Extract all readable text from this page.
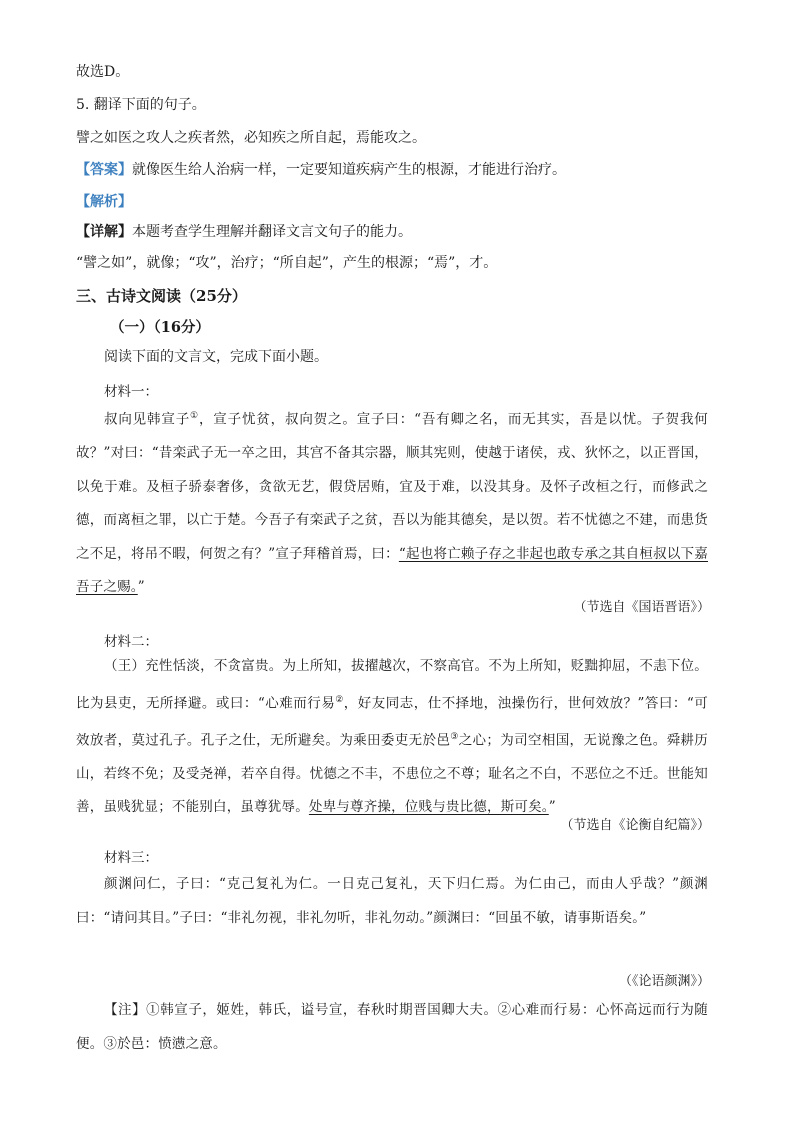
故选D。
5. 翻译下面的句子。
譬之如医之攻人之疾者然，必知疾之所自起，焉能攻之。
【答案】就像医生给人治病一样，一定要知道疾病产生的根源，才能进行治疗。
【解析】
【详解】本题考查学生理解并翻译文言文句子的能力。
“譬之如”，就像；“攻”，治疗；“所自起”，产生的根源；“焉”，才。
三、古诗文阅读（25分）
（一）（16分）
阅读下面的文言文，完成下面小题。
材料一：
叔向见韩宣子①，宣子忧贫，叔向贺之。宣子曰：“吾有卿之名，而无其实，吾是以忧。子贺我何故？”对曰：“昔栾武子无一卒之田，其宫不备其宗器，顺其宪则，使越于诸侯，戎、狄怀之，以正晋国，以免于难。及桓子骄泰奢侈，贪欲无艺，假贷居贿，宜及于难，以没其身。及怀子改桓之行，而修武之德，而离桓之罪，以亡于楚。今吾子有栾武子之贫，吾以为能其德矣，是以贺。若不忧德之不建，而患货之不足，将吊不暇，何贺之有？”宣子拜稽首焉，曰：“起也将亡赖子存之非起也敢专承之其自桓叔以下嘉吾子之赐。”
（节选自《国语晋语》）
材料二：
（王）充性恬淡，不贪富贵。为上所知，拔擢越次，不察高官。不为上所知，贬黜抑屈，不恚下位。比为县吏，无所择避。或曰：“心难而行易②，好友同志，仕不择地，浊操伤行，世何效放？”答曰：“可效放者，莫过孔子。孔子之仕，无所避矣。为乘田委吏无於邑③之心；为司空相国，无说豫之色。舜耕历山，若终不免；及受尧禅，若卒自得。忧德之不丰，不患位之不尊；耻名之不白，不恶位之不迁。世能知善，虽贱犹显；不能别白，虽尊犹辱。处卑与尊齐操，位贱与贵比德，斯可矣。”
（节选自《论衡自纪篇》）
材料三：
颜渊问仁，子曰：“克己复礼为仁。一日克己复礼，天下归仁焉。为仁由己，而由人乎哉？”颜渊曰：“请问其目。”子曰：“非礼勿视，非礼勿听，非礼勿动。”颜渊曰：“回虽不敏，请事斯语矣。”
（《论语颜渊》）
【注】①韩宣子，姬姓，韩氏，谥号宣，春秋时期晋国卿大夫。②心难而行易：心怀高远而行为随便。③於邑：愤懑之意。
